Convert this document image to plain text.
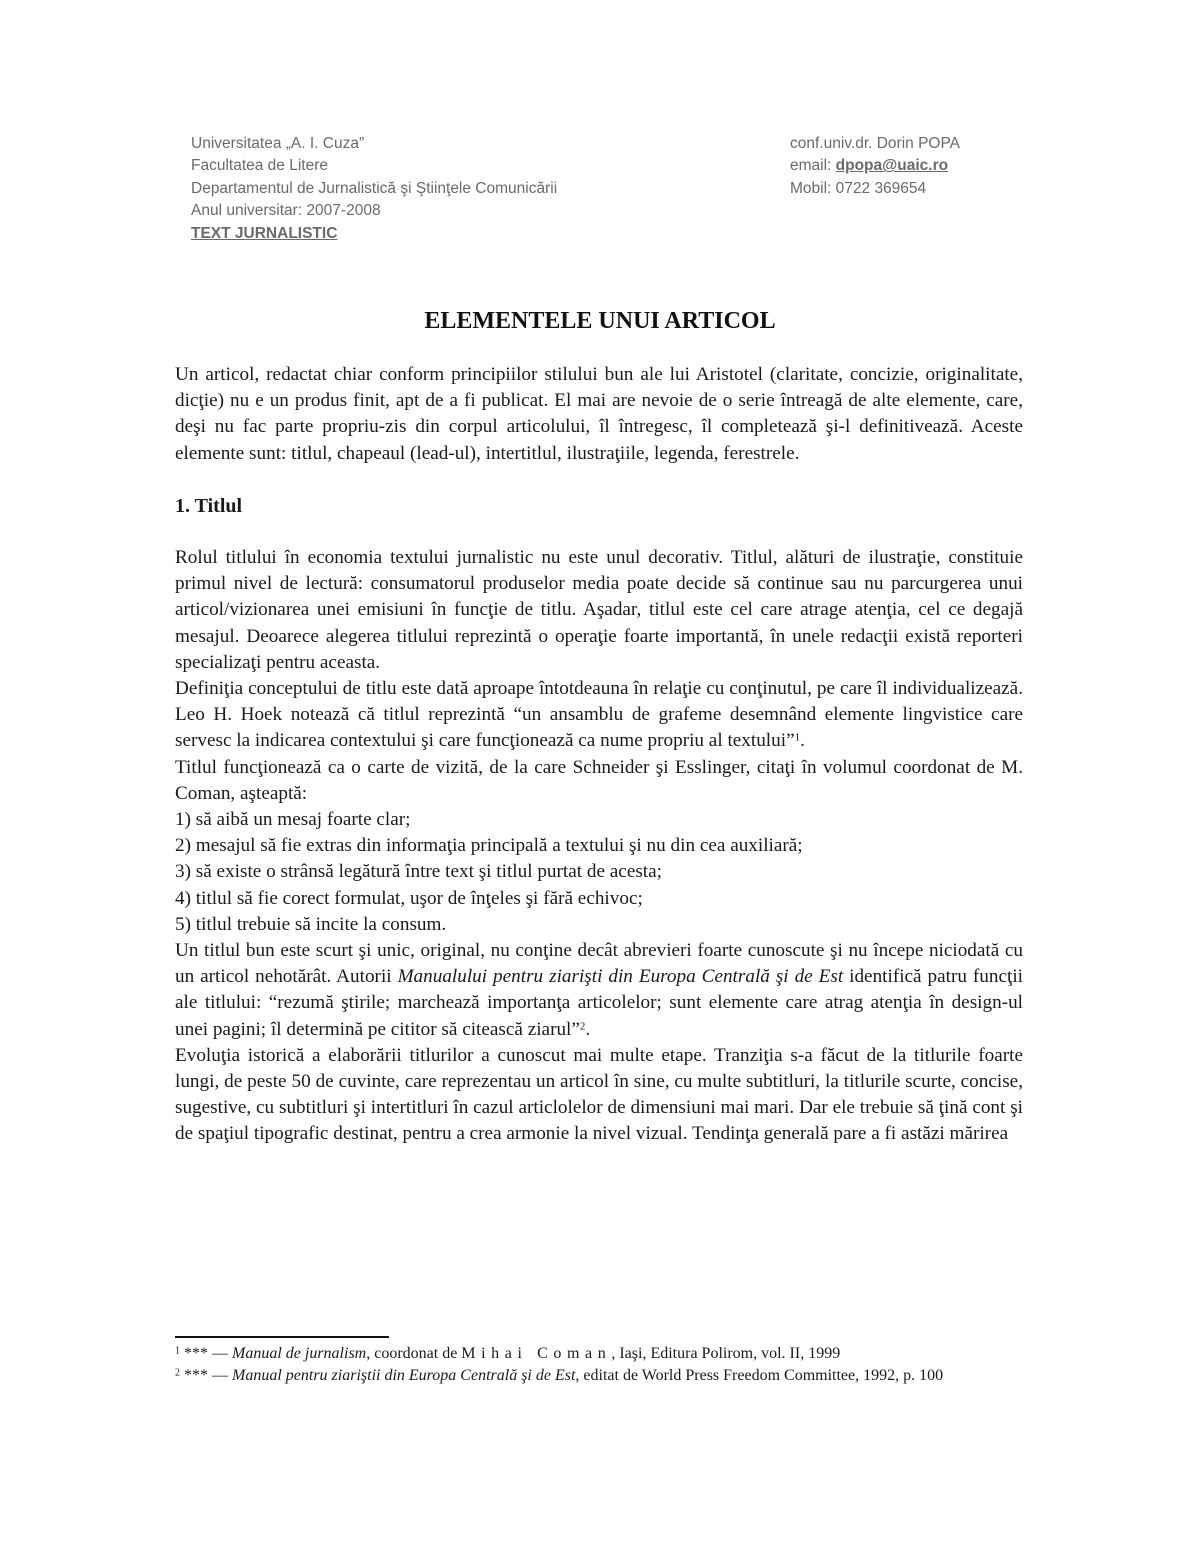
Universitatea „A. I. Cuza”
Facultatea de Litere
Departamentul de Jurnalistică şi Ştiinţele Comunicării
Anul universitar: 2007-2008
TEXT JURNALISTIC
conf.univ.dr. Dorin POPA
email: dpopa@uaic.ro
Mobil: 0722 369654
ELEMENTELE UNUI ARTICOL

Un articol, redactat chiar conform principiilor stilului bun ale lui Aristotel (claritate, concizie, originalitate, dicţie) nu e un produs finit, apt de a fi publicat. El mai are nevoie de o serie întreagă de alte elemente, care, deşi nu fac parte propriu-zis din corpul articolului, îl întregesc, îl completează şi-l definitivează. Aceste elemente sunt: titlul, chapeaul (lead-ul), intertitlul, ilustraţiile, legenda, ferestrele.

1. Titlul

Rolul titlului în economia textului jurnalistic nu este unul decorativ. Titlul, alături de ilustraţie, constituie primul nivel de lectură: consumatorul produselor media poate decide să continue sau nu parcurgerea unui articol/vizionarea unei emisiuni în funcţie de titlu. Aşadar, titlul este cel care atrage atenţia, cel ce degajă mesajul. Deoarece alegerea titlului reprezintă o operaţie foarte importantă, în unele redacţii există reporteri specializaţi pentru aceasta.

Definiţia conceptului de titlu este dată aproape întotdeauna în relaţie cu conţinutul, pe care îl individualizează. Leo H. Hoek notează că titlul reprezintă “un ansamblu de grafeme desemnând elemente lingvistice care servesc la indicarea contextului şi care funcţionează ca nume propriu al textului”$^1$.

Titlul funcţionează ca o carte de vizită, de la care Schneider şi Esslinger, citaţi în volumul coordonat de M. Coman, aşteaptă:

1) să aibă un mesaj foarte clar;
2) mesajul să fie extras din informaţia principală a textului şi nu din cea auxiliară;
3) să existe o strânsă legătură între text şi titlul purtat de acesta;
4) titlul să fie corect formulat, uşor de înţeles şi fără echivoc;
5) titlul trebuie să incite la consum.

Un titlul bun este scurt şi unic, original, nu conţine decât abrevieri foarte cunoscute şi nu începe niciodată cu un articol nehotărât. Autorii Manualului pentru ziarişti din Europa Centrală şi de Est identifică patru funcţii ale titlului: “rezumă ştirile; marchează importanţa articolelor; sunt elemente care atrag atenţia în design-ul unei pagini; îl determină pe cititor să citească ziarul”$^2$.

Evoluţia istorică a elaborării titlurilor a cunoscut mai multe etape. Tranziţia s-a făcut de la titlurile foarte lungi, de peste 50 de cuvinte, care reprezentau un articol în sine, cu multe subtitluri, la titlurile scurte, concise, sugestive, cu subtitluri şi intertitluri în cazul articlolelor de dimensiuni mai mari. Dar ele trebuie să ţină cont şi de spaţiul tipografic destinat, pentru a crea armonie la nivel vizual. Tendinţa generală pare a fi astăzi mărirea

$^1$ *** — Manual de jurnalism, coordonat de Mihai Coman, Iaşi, Editura Polirom, vol. II, 1999

$^2$ *** — Manual pentru ziariştii din Europa Centrală şi de Est, editat de World Press Freedom Committee, 1992, p. 100
